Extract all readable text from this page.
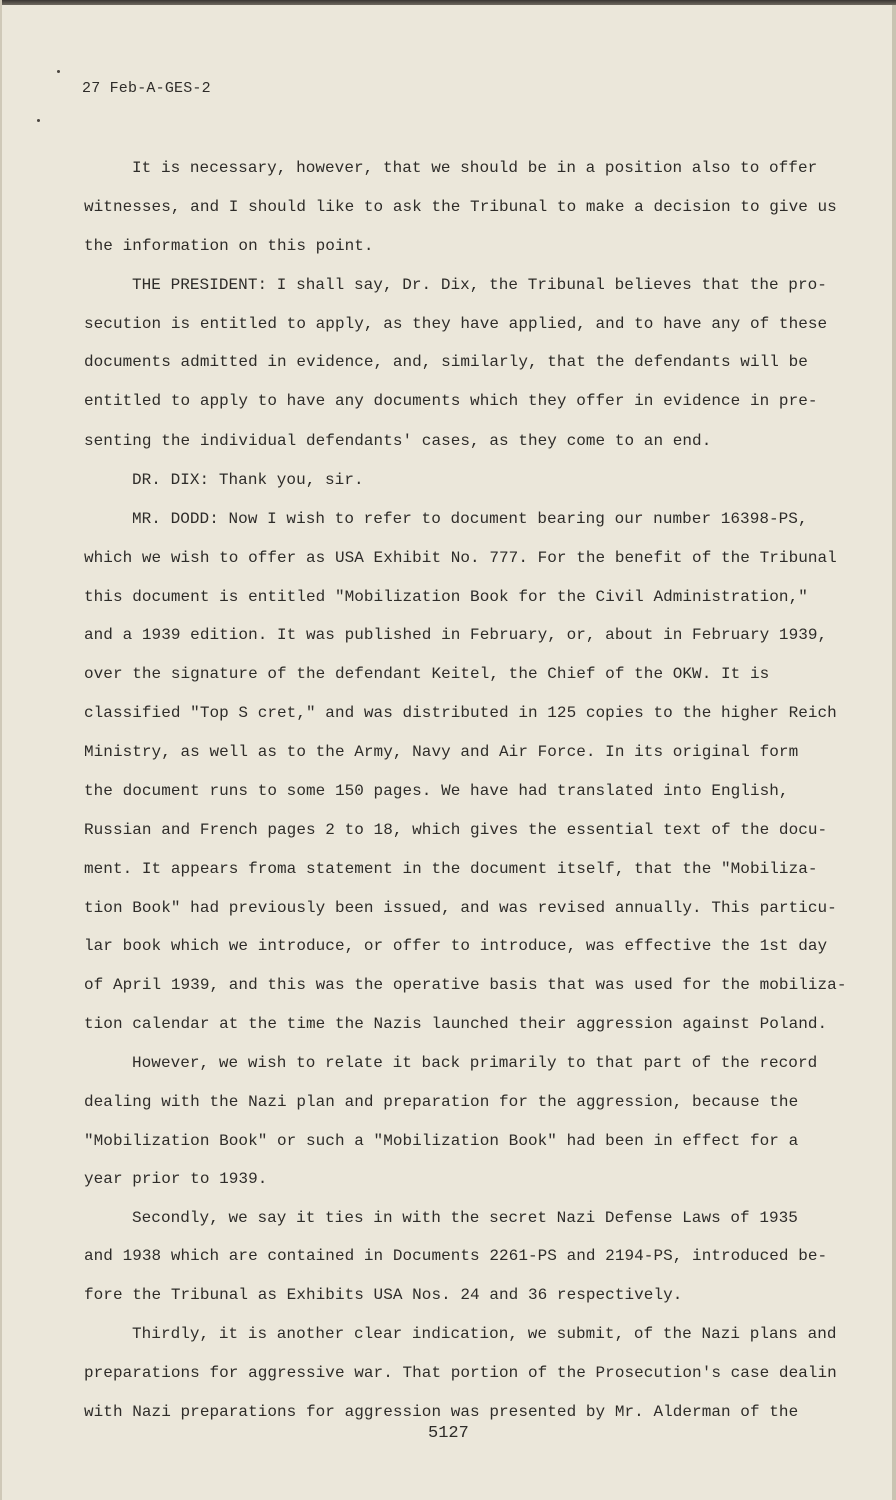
27 Feb-A-GES-2
It is necessary, however, that we should be in a position also to offer
witnesses, and I should like to ask the Tribunal to make a decision to give us
the information on this point.
THE PRESIDENT: I shall say, Dr. Dix, the Tribunal believes that the pro-
secution is entitled to apply, as they have applied, and to have any of these
documents admitted in evidence, and, similarly, that the defendants will be
entitled to apply to have any documents which they offer in evidence in pre-
senting the individual defendants' cases, as they come to an end.
DR. DIX: Thank you, sir.
MR. DODD: Now I wish to refer to document bearing our number 16398-PS,
which we wish to offer as USA Exhibit No. 777. For the benefit of the Tribunal
this document is entitled "Mobilization Book for the Civil Administration,"
and a 1939 edition. It was published in February, or, about in February 1939,
over the signature of the defendant Keitel, the Chief of the OKW. It is
classified "Top S cret," and was distributed in 125 copies to the higher Reich
Ministry, as well as to the Army, Navy and Air Force. In its original form
the document runs to some 150 pages. We have had translated into English,
Russian and French pages 2 to 18, which gives the essential text of the docu-
ment. It appears froma statement in the document itself, that the "Mobiliza-
tion Book" had previously been issued, and was revised annually. This particu-
lar book which we introduce, or offer to introduce, was effective the 1st day
of April 1939, and this was the operative basis that was used for the mobiliza-
tion calendar at the time the Nazis launched their aggression against Poland.
However, we wish to relate it back primarily to that part of the record
dealing with the Nazi plan and preparation for the aggression, because the
"Mobilization Book" or such a "Mobilization Book" had been in effect for a
year prior to 1939.
Secondly, we say it ties in with the secret Nazi Defense Laws of 1935
and 1938 which are contained in Documents 2261-PS and 2194-PS, introduced be-
fore the Tribunal as Exhibits USA Nos. 24 and 36 respectively.
Thirdly, it is another clear indication, we submit, of the Nazi plans and
preparations for aggressive war. That portion of the Prosecution's case dealin
with Nazi preparations for aggression was presented by Mr. Alderman of the
5127
